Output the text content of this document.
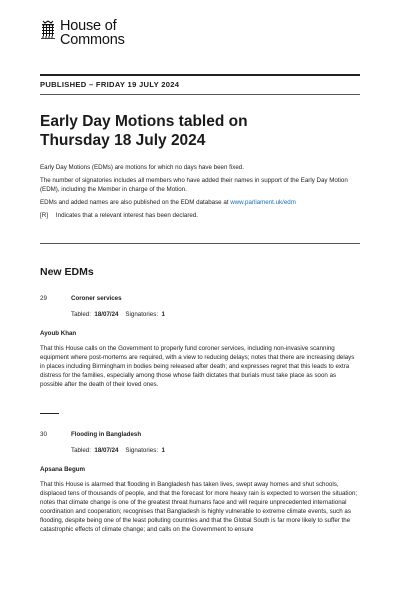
House of
Commons
PUBLISHED – FRIDAY 19 JULY 2024
Early Day Motions tabled on
Thursday 18 July 2024

Early Day Motions (EDMs) are motions for which no days have been fixed.

The number of signatories includes all members who have added their names in support of the Early Day Motion (EDM), including the Member in charge of the Motion.

EDMs and added names are also published on the EDM database at www.parliament.uk/edm

[R] Indicates that a relevant interest has been declared.

New EDMs
29	Coroner services
Tabled: 18/07/24 Signatories: 1
Ayoub Khan
That this House calls on the Government to properly fund coroner services, including non-invasive scanning equipment where post-mortems are required, with a view to reducing delays; notes that there are increasing delays in places including Birmingham in bodies being released after death; and expresses regret that this leads to extra distress for the families, especially among those whose faith dictates that burials must take place as soon as possible after the death of their loved ones.
30	Flooding in Bangladesh
Tabled: 18/07/24 Signatories: 1
Apsana Begum
That this House is alarmed that flooding in Bangladesh has taken lives, swept away homes and shut schools, displaced tens of thousands of people, and that the forecast for more heavy rain is expected to worsen the situation; notes that climate change is one of the greatest threat humans face and will require unprecedented international coordination and cooperation; recognises that Bangladesh is highly vulnerable to extreme climate events, such as flooding, despite being one of the least polluting countries and that the Global South is far more likely to suffer the catastrophic effects of climate change; and calls on the Government to ensure
